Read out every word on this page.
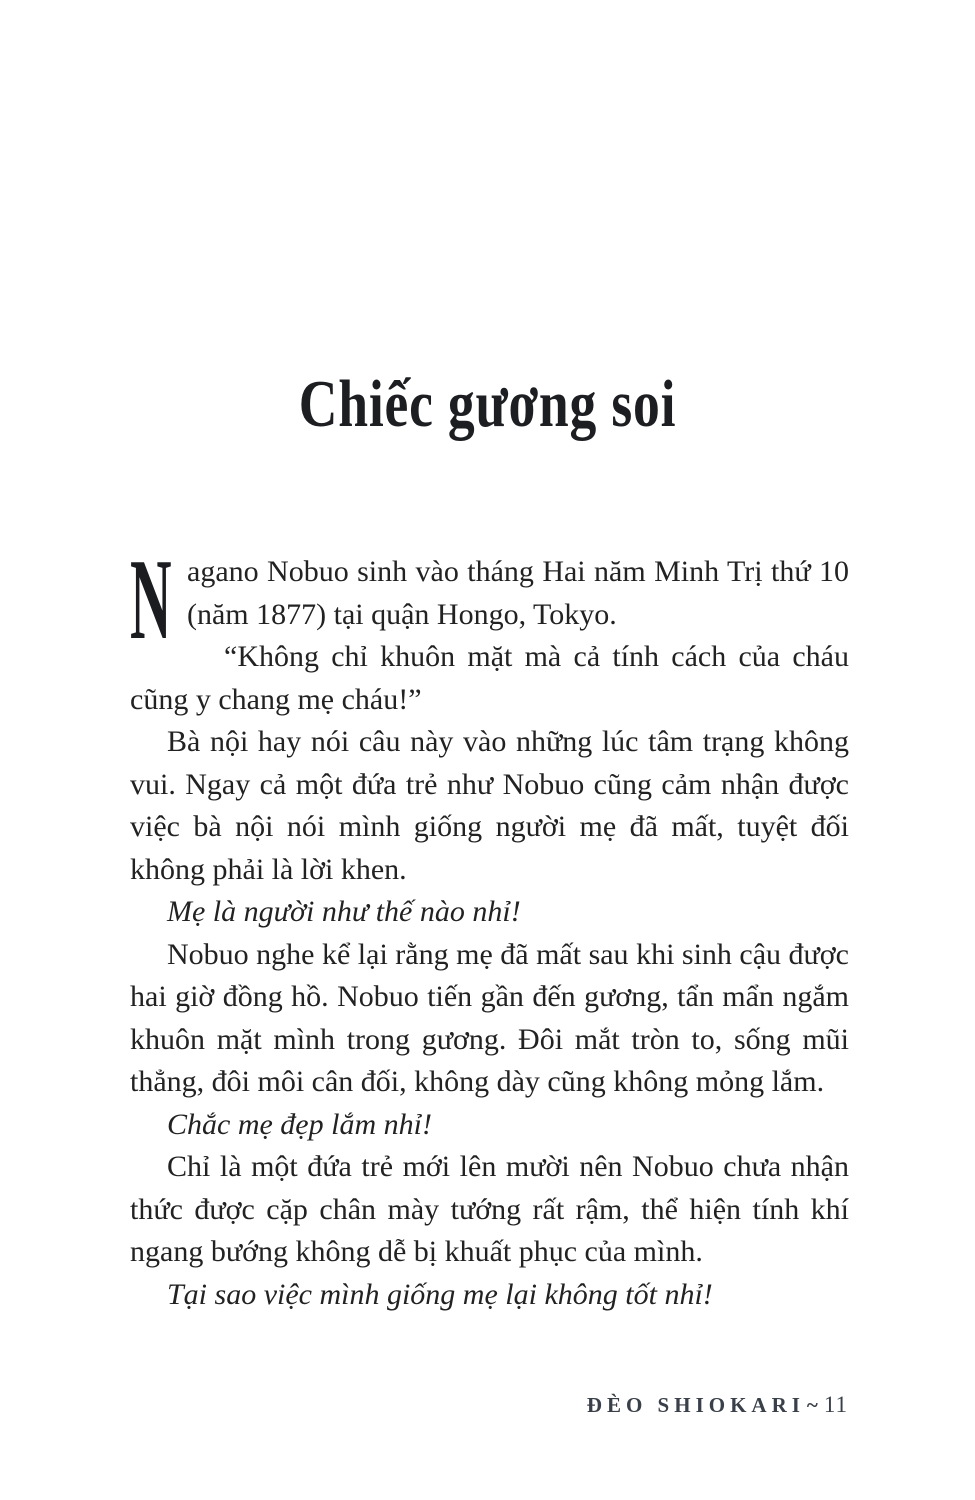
Chiếc gương soi

N agano Nobuo sinh vào tháng Hai năm Minh Trị thứ 10 (năm 1877) tại quận Hongo, Tokyo.

“Không chỉ khuôn mặt mà cả tính cách của cháu cũng y chang mẹ cháu!”

Bà nội hay nói câu này vào những lúc tâm trạng không vui. Ngay cả một đứa trẻ như Nobuo cũng cảm nhận được việc bà nội nói mình giống người mẹ đã mất, tuyệt đối không phải là lời khen.

Mẹ là người như thế nào nhỉ!

Nobuo nghe kể lại rằng mẹ đã mất sau khi sinh cậu được hai giờ đồng hồ. Nobuo tiến gần đến gương, tẩn mẩn ngắm khuôn mặt mình trong gương. Đôi mắt tròn to, sống mũi thẳng, đôi môi cân đối, không dày cũng không mỏng lắm.

Chắc mẹ đẹp lắm nhỉ!

Chỉ là một đứa trẻ mới lên mười nên Nobuo chưa nhận thức được cặp chân mày tướng rất rậm, thể hiện tính khí ngang bướng không dễ bị khuất phục của mình.

Tại sao việc mình giống mẹ lại không tốt nhỉ!

ĐÈO SHIOKARI~ 11
